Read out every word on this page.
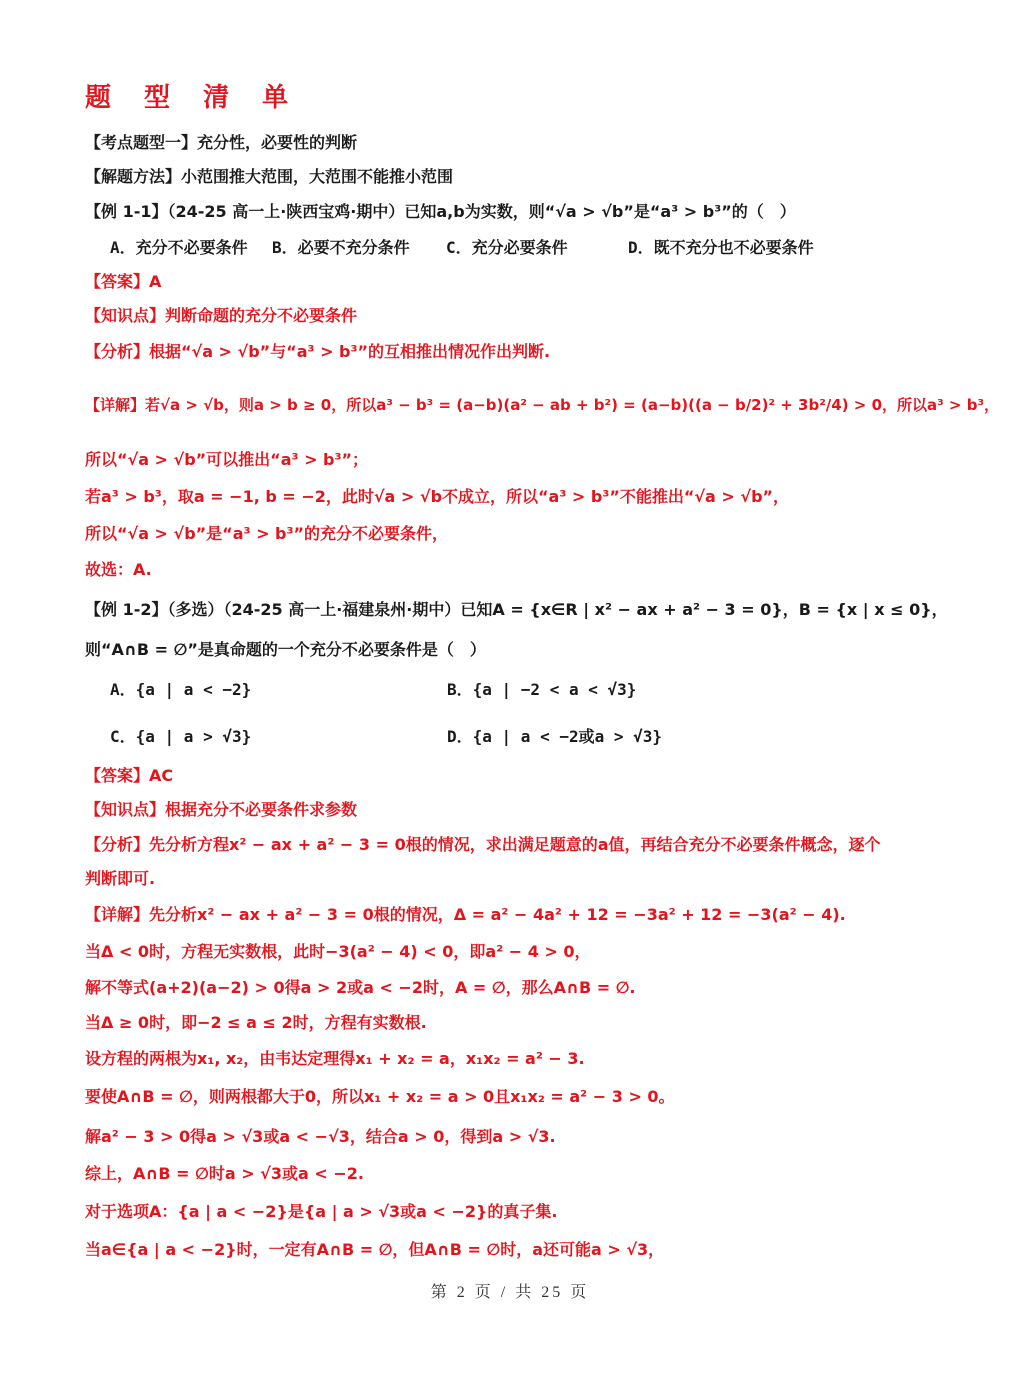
题 型 清 单
【考点题型一】充分性，必要性的判断
【解题方法】小范围推大范围，大范围不能推小范围
【例 1-1】（24-25 高一上·陕西宝鸡·期中）已知a,b为实数，则“√a > √b”是“a³ > b³”的（　）
A．充分不必要条件 B．必要不充分条件 C．充分必要条件	D．既不充分也不必要条件
【答案】A
【知识点】判断命题的充分不必要条件
【分析】根据“√a > √b”与“a³ > b³”的互相推出情况作出判断.
【详解】若√a > √b，则a > b ≥ 0，所以a³ − b³ = (a−b)(a² − ab + b²) = (a−b)((a − b/2)² + 3b²/4) > 0，所以a³ > b³，
所以“√a > √b”可以推出“a³ > b³”；
若a³ > b³，取a = −1, b = −2，此时√a > √b不成立，所以“a³ > b³”不能推出“√a > √b”，
所以“√a > √b”是“a³ > b³”的充分不必要条件，
故选：A.
【例 1-2】（多选）（24-25 高一上·福建泉州·期中）已知A = {x∈R | x² − ax + a² − 3 = 0}，B = {x | x ≤ 0}，
则“A∩B = ∅”是真命题的一个充分不必要条件是（　）
A．{a | a < −2}	B．{a | −2 < a < √3}
C．{a | a > √3}	D．{a | a < −2或a > √3}
【答案】AC
【知识点】根据充分不必要条件求参数
【分析】先分析方程x² − ax + a² − 3 = 0根的情况，求出满足题意的a值，再结合充分不必要条件概念，逐个
判断即可.
【详解】先分析x² − ax + a² − 3 = 0根的情况，Δ = a² − 4a² + 12 = −3a² + 12 = −3(a² − 4).
当Δ < 0时，方程无实数根，此时−3(a² − 4) < 0，即a² − 4 > 0，
解不等式(a+2)(a−2) > 0得a > 2或a < −2时，A = ∅，那么A∩B = ∅.
当Δ ≥ 0时，即−2 ≤ a ≤ 2时，方程有实数根.
设方程的两根为x₁, x₂，由韦达定理得x₁ + x₂ = a，x₁x₂ = a² − 3.
要使A∩B = ∅，则两根都大于0，所以x₁ + x₂ = a > 0且x₁x₂ = a² − 3 > 0。
解a² − 3 > 0得a > √3或a < −√3，结合a > 0，得到a > √3.
综上，A∩B = ∅时a > √3或a < −2.
对于选项A：{a | a < −2}是{a | a > √3或a < −2}的真子集.
当a∈{a | a < −2}时，一定有A∩B = ∅，但A∩B = ∅时，a还可能a > √3，
第 2 页 / 共 25 页
